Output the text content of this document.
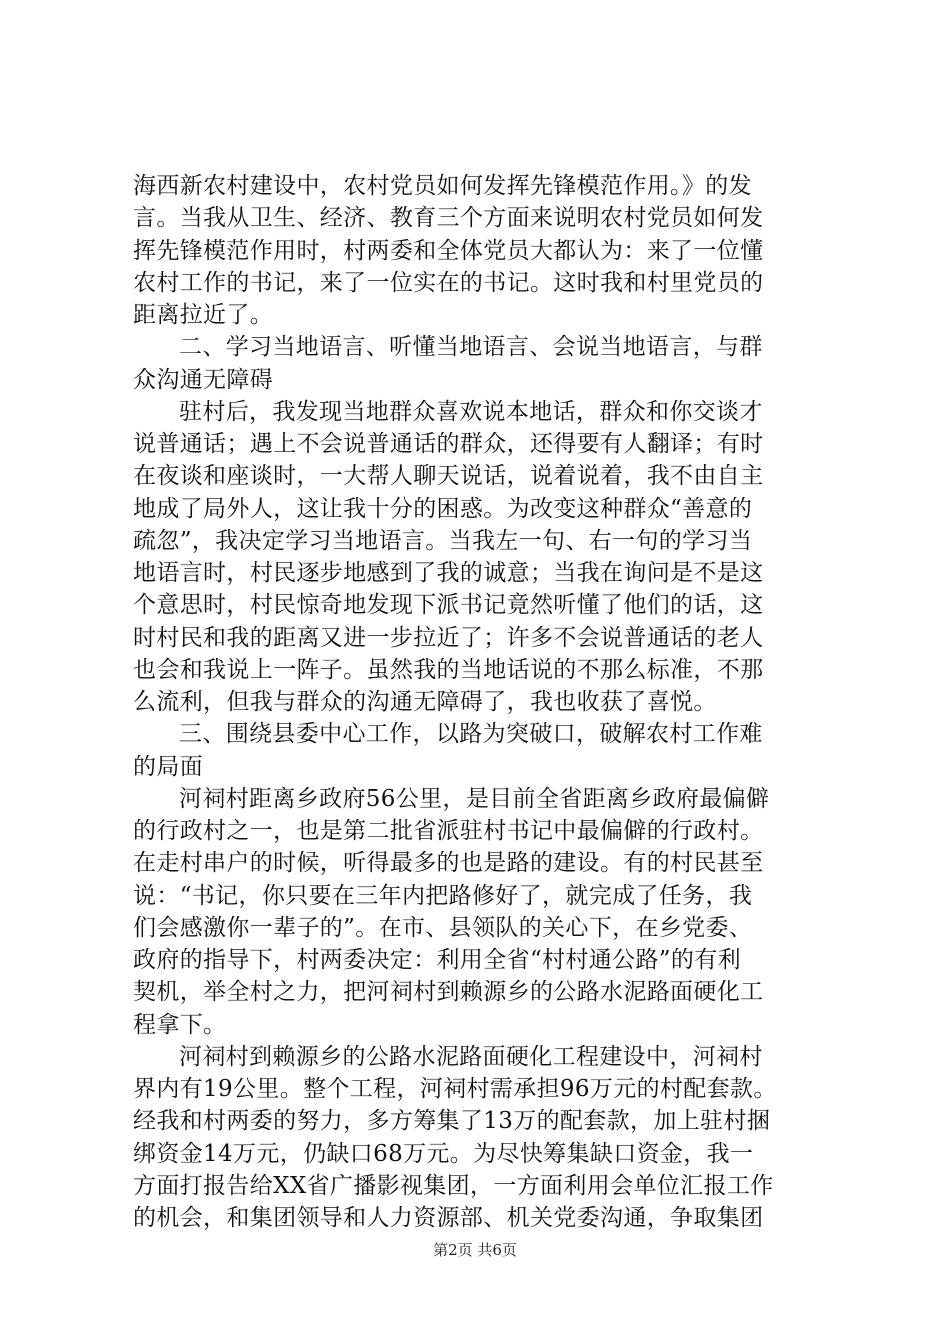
海西新农村建设中，农村党员如何发挥先锋模范作用。》的发
言。当我从卫生、经济、教育三个方面来说明农村党员如何发
挥先锋模范作用时，村两委和全体党员大都认为：来了一位懂
农村工作的书记，来了一位实在的书记。这时我和村里党员的
距离拉近了。
二、学习当地语言、听懂当地语言、会说当地语言，与群
众沟通无障碍
驻村后，我发现当地群众喜欢说本地话，群众和你交谈才
说普通话；遇上不会说普通话的群众，还得要有人翻译；有时
在夜谈和座谈时，一大帮人聊天说话，说着说着，我不由自主
地成了局外人，这让我十分的困惑。为改变这种群众“善意的
疏忽”，我决定学习当地语言。当我左一句、右一句的学习当
地语言时，村民逐步地感到了我的诚意；当我在询问是不是这
个意思时，村民惊奇地发现下派书记竟然听懂了他们的话，这
时村民和我的距离又进一步拉近了；许多不会说普通话的老人
也会和我说上一阵子。虽然我的当地话说的不那么标准，不那
么流利，但我与群众的沟通无障碍了，我也收获了喜悦。
三、围绕县委中心工作，以路为突破口，破解农村工作难
的局面
河祠村距离乡政府56公里，是目前全省距离乡政府最偏僻
的行政村之一，也是第二批省派驻村书记中最偏僻的行政村。
在走村串户的时候，听得最多的也是路的建设。有的村民甚至
说：“书记，你只要在三年内把路修好了，就完成了任务，我
们会感激你一辈子的”。在市、县领队的关心下，在乡党委、
政府的指导下，村两委决定：利用全省“村村通公路”的有利
契机，举全村之力，把河祠村到赖源乡的公路水泥路面硬化工
程拿下。
河祠村到赖源乡的公路水泥路面硬化工程建设中，河祠村
界内有19公里。整个工程，河祠村需承担96万元的村配套款。
经我和村两委的努力，多方筹集了13万的配套款，加上驻村捆
绑资金14万元，仍缺口68万元。为尽快筹集缺口资金，我一
方面打报告给XX省广播影视集团，一方面利用会单位汇报工作
的机会，和集团领导和人力资源部、机关党委沟通，争取集团
第2页 共6页
